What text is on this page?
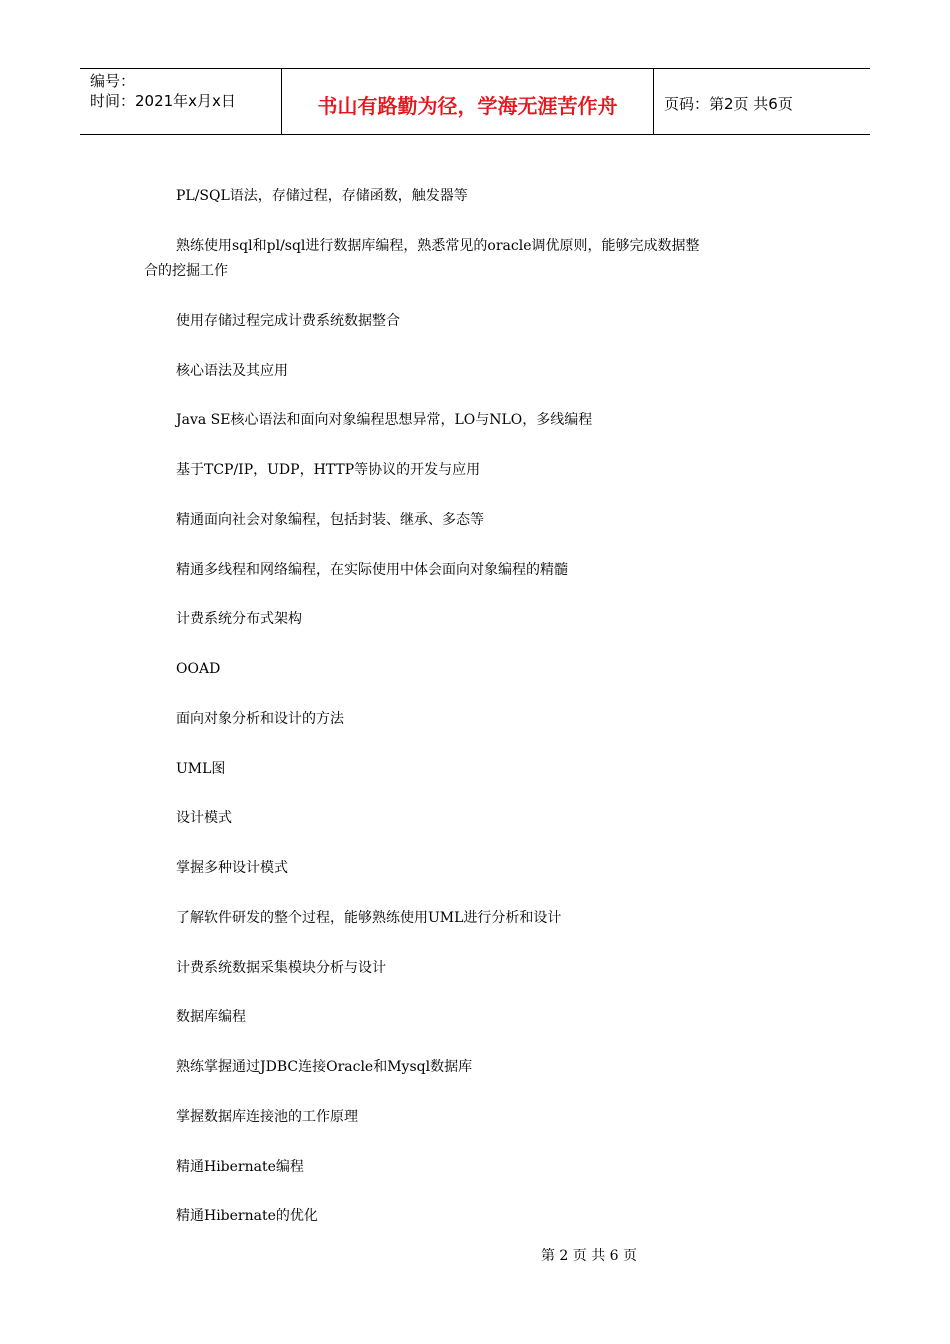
编号：
时间：2021年x月x日	书山有路勤为径，学海无涯苦作舟	页码：第2页 共6页
PL/SQL语法，存储过程，存储函数，触发器等
熟练使用sql和pl/sql进行数据库编程，熟悉常见的oracle调优原则，能够完成数据整
合的挖掘工作
使用存储过程完成计费系统数据整合
核心语法及其应用
Java SE核心语法和面向对象编程思想异常，LO与NLO，多线编程
基于TCP/IP，UDP，HTTP等协议的开发与应用
精通面向社会对象编程，包括封装、继承、多态等
精通多线程和网络编程，在实际使用中体会面向对象编程的精髓
计费系统分布式架构
OOAD
面向对象分析和设计的方法
UML图
设计模式
掌握多种设计模式
了解软件研发的整个过程，能够熟练使用UML进行分析和设计
计费系统数据采集模块分析与设计
数据库编程
熟练掌握通过JDBC连接Oracle和Mysql数据库
掌握数据库连接池的工作原理
精通Hibernate编程
精通Hibernate的优化
第 2 页 共 6 页
